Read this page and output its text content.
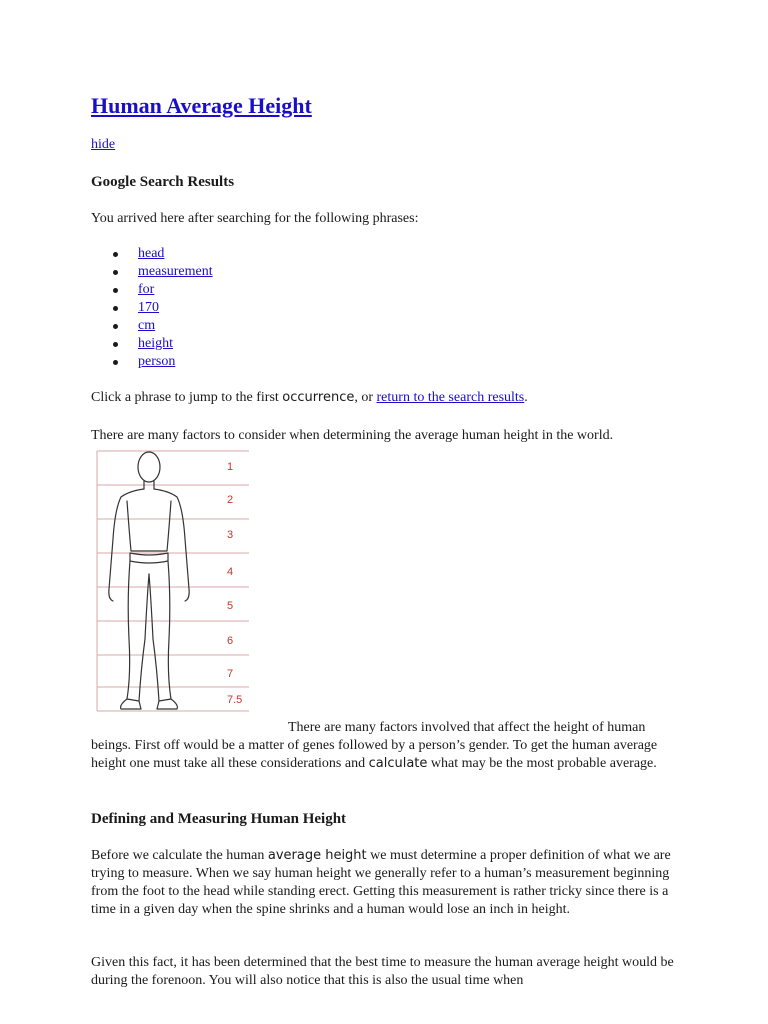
Human Average Height
hide
Google Search Results

You arrived here after searching for the following phrases:

head
measurement
for
170
cm
height
person

Click a phrase to jump to the first occurrence, or return to the search results.

There are many factors to consider when determining the average human height in the world.

There are many factors involved that affect the height of human beings. First off would be a matter of genes followed by a person’s gender. To get the human average height one must take all these considerations and calculate what may be the most probable average.

Defining and Measuring Human Height

Before we calculate the human average height we must determine a proper definition of what we are trying to measure. When we say human height we generally refer to a human’s measurement beginning from the foot to the head while standing erect. Getting this measurement is rather tricky since there is a time in a given day when the spine shrinks and a human would lose an inch in height.

Given this fact, it has been determined that the best time to measure the human average height would be during the forenoon. You will also notice that this is also the usual time when

1
2
3
4
5
6
7
7.5
